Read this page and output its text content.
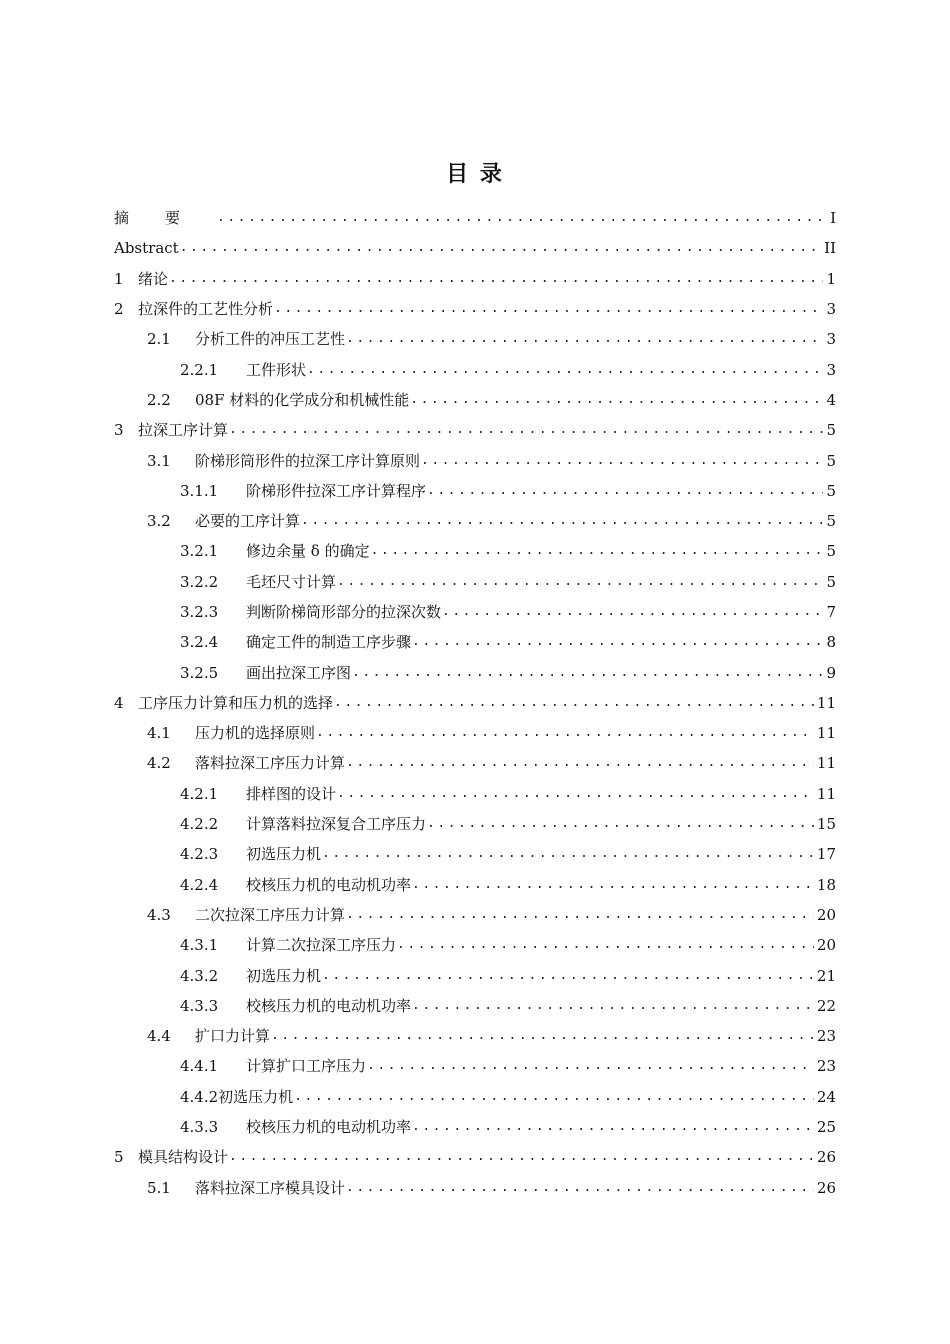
目 录
摘要 .....	I
Abstract .....	II
1 绪论 .....	1
2 拉深件的工艺性分析 .....	3
2.1 分析工件的冲压工艺性 .....	3
2.2.1 工件形状 .....	3
2.2 08F 材料的化学成分和机械性能 .....	4
3 拉深工序计算 .....	5
3.1 阶梯形筒形件的拉深工序计算原则 .....	5
3.1.1 阶梯形件拉深工序计算程序 .....	5
3.2 必要的工序计算 .....	5
3.2.1 修边余量 δ 的确定 .....	5
3.2.2 毛坯尺寸计算 .....	5
3.2.3 判断阶梯筒形部分的拉深次数 .....	7
3.2.4 确定工件的制造工序步骤 .....	8
3.2.5 画出拉深工序图 .....	9
4 工序压力计算和压力机的选择 .....	11
4.1 压力机的选择原则 .....	11
4.2 落料拉深工序压力计算 .....	11
4.2.1 排样图的设计 .....	11
4.2.2 计算落料拉深复合工序压力 .....	15
4.2.3 初选压力机 .....	17
4.2.4 校核压力机的电动机功率 .....	18
4.3 二次拉深工序压力计算 .....	20
4.3.1 计算二次拉深工序压力 .....	20
4.3.2 初选压力机 .....	21
4.3.3 校核压力机的电动机功率 .....	22
4.4 扩口力计算 .....	23
4.4.1 计算扩口工序压力 .....	23
4.4.2初选压力机 .....	24
4.3.3 校核压力机的电动机功率 .....	25
5 模具结构设计 .....	26
5.1 落料拉深工序模具设计 .....	26
